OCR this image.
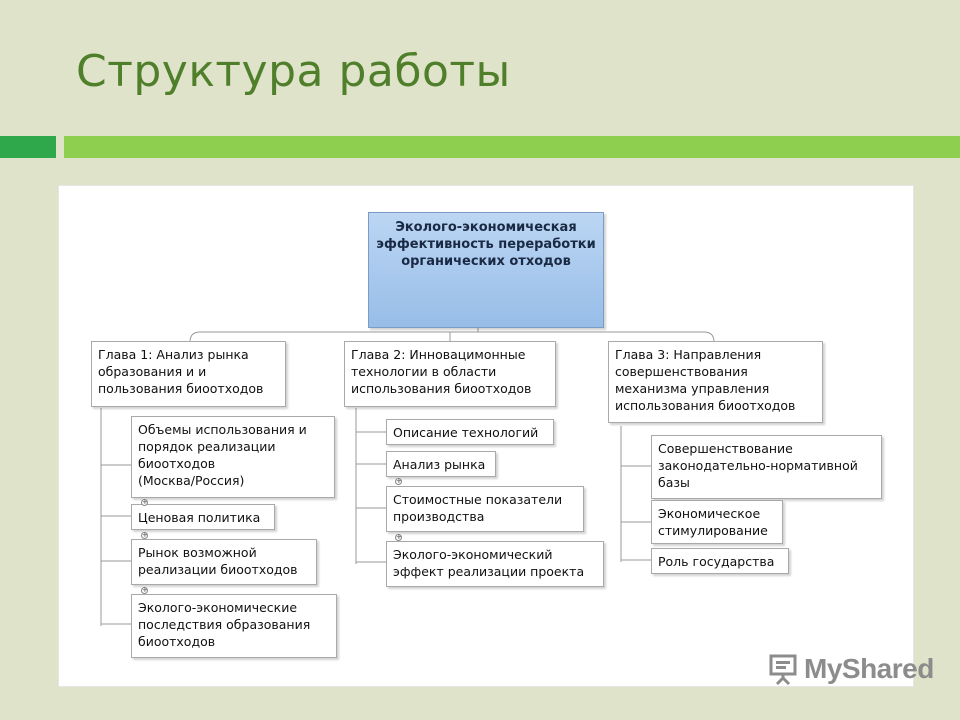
Структура работы
Эколого-экономическая эффективность переработки органических отходов
Глава 1: Анализ рынка
образования и и
пользования биоотходов
Глава 2: Инновацимонные
технологии в области
использования биоотходов
Глава 3: Направления
совершенствования
механизма управления
использования биоотходов
Объемы использования и
порядок реализации
биоотходов
(Москва/Россия)
Ценовая политика
Рынок возможной
реализации биоотходов
Эколого-экономические
последствия образования
биоотходов
Описание технологий
Анализ рынка
Стоимостные показатели
производства
Эколого-экономический
эффект реализации проекта
Совершенствование
законодательно-нормативной
базы
Экономическое
стимулирование
Роль государства
+
+
+
+
+
MyShared
